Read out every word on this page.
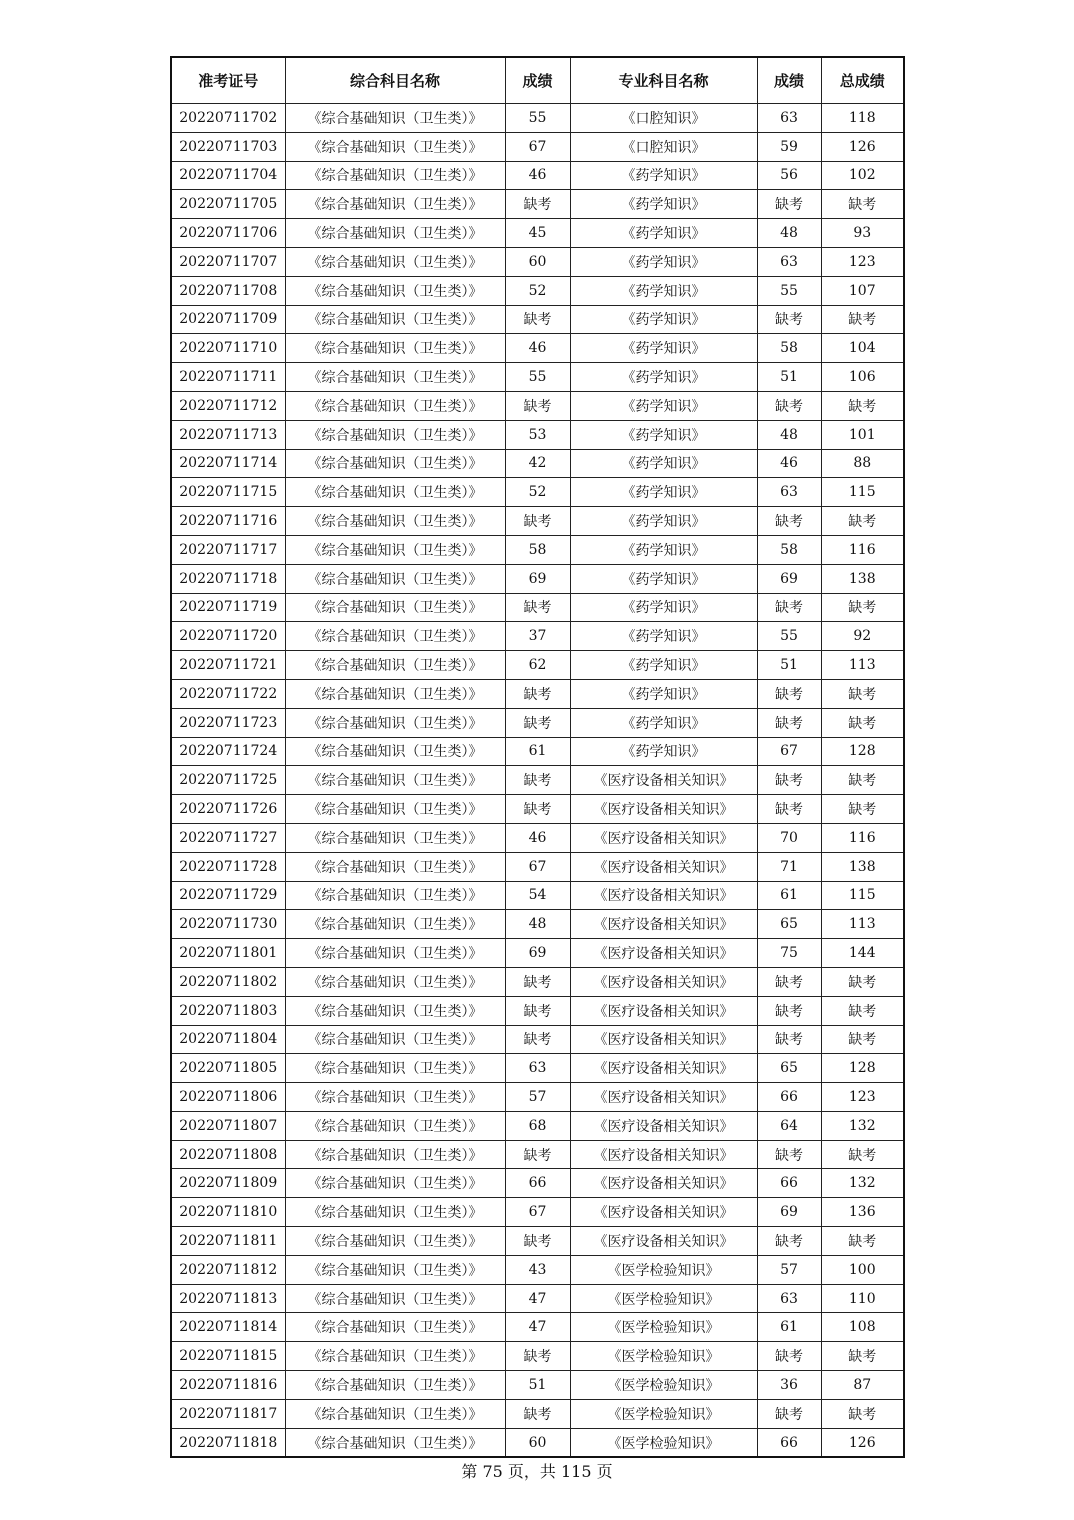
准考证号	综合科目名称	成绩	专业科目名称	成绩	总成绩
20220711702	《综合基础知识（卫生类）》	55	《口腔知识》	63	118
20220711703	《综合基础知识（卫生类）》	67	《口腔知识》	59	126
20220711704	《综合基础知识（卫生类）》	46	《药学知识》	56	102
20220711705	《综合基础知识（卫生类）》	缺考	《药学知识》	缺考	缺考
20220711706	《综合基础知识（卫生类）》	45	《药学知识》	48	93
20220711707	《综合基础知识（卫生类）》	60	《药学知识》	63	123
20220711708	《综合基础知识（卫生类）》	52	《药学知识》	55	107
20220711709	《综合基础知识（卫生类）》	缺考	《药学知识》	缺考	缺考
20220711710	《综合基础知识（卫生类）》	46	《药学知识》	58	104
20220711711	《综合基础知识（卫生类）》	55	《药学知识》	51	106
20220711712	《综合基础知识（卫生类）》	缺考	《药学知识》	缺考	缺考
20220711713	《综合基础知识（卫生类）》	53	《药学知识》	48	101
20220711714	《综合基础知识（卫生类）》	42	《药学知识》	46	88
20220711715	《综合基础知识（卫生类）》	52	《药学知识》	63	115
20220711716	《综合基础知识（卫生类）》	缺考	《药学知识》	缺考	缺考
20220711717	《综合基础知识（卫生类）》	58	《药学知识》	58	116
20220711718	《综合基础知识（卫生类）》	69	《药学知识》	69	138
20220711719	《综合基础知识（卫生类）》	缺考	《药学知识》	缺考	缺考
20220711720	《综合基础知识（卫生类）》	37	《药学知识》	55	92
20220711721	《综合基础知识（卫生类）》	62	《药学知识》	51	113
20220711722	《综合基础知识（卫生类）》	缺考	《药学知识》	缺考	缺考
20220711723	《综合基础知识（卫生类）》	缺考	《药学知识》	缺考	缺考
20220711724	《综合基础知识（卫生类）》	61	《药学知识》	67	128
20220711725	《综合基础知识（卫生类）》	缺考	《医疗设备相关知识》	缺考	缺考
20220711726	《综合基础知识（卫生类）》	缺考	《医疗设备相关知识》	缺考	缺考
20220711727	《综合基础知识（卫生类）》	46	《医疗设备相关知识》	70	116
20220711728	《综合基础知识（卫生类）》	67	《医疗设备相关知识》	71	138
20220711729	《综合基础知识（卫生类）》	54	《医疗设备相关知识》	61	115
20220711730	《综合基础知识（卫生类）》	48	《医疗设备相关知识》	65	113
20220711801	《综合基础知识（卫生类）》	69	《医疗设备相关知识》	75	144
20220711802	《综合基础知识（卫生类）》	缺考	《医疗设备相关知识》	缺考	缺考
20220711803	《综合基础知识（卫生类）》	缺考	《医疗设备相关知识》	缺考	缺考
20220711804	《综合基础知识（卫生类）》	缺考	《医疗设备相关知识》	缺考	缺考
20220711805	《综合基础知识（卫生类）》	63	《医疗设备相关知识》	65	128
20220711806	《综合基础知识（卫生类）》	57	《医疗设备相关知识》	66	123
20220711807	《综合基础知识（卫生类）》	68	《医疗设备相关知识》	64	132
20220711808	《综合基础知识（卫生类）》	缺考	《医疗设备相关知识》	缺考	缺考
20220711809	《综合基础知识（卫生类）》	66	《医疗设备相关知识》	66	132
20220711810	《综合基础知识（卫生类）》	67	《医疗设备相关知识》	69	136
20220711811	《综合基础知识（卫生类）》	缺考	《医疗设备相关知识》	缺考	缺考
20220711812	《综合基础知识（卫生类）》	43	《医学检验知识》	57	100
20220711813	《综合基础知识（卫生类）》	47	《医学检验知识》	63	110
20220711814	《综合基础知识（卫生类）》	47	《医学检验知识》	61	108
20220711815	《综合基础知识（卫生类）》	缺考	《医学检验知识》	缺考	缺考
20220711816	《综合基础知识（卫生类）》	51	《医学检验知识》	36	87
20220711817	《综合基础知识（卫生类）》	缺考	《医学检验知识》	缺考	缺考
20220711818	《综合基础知识（卫生类）》	60	《医学检验知识》	66	126
第 75 页，共 115 页
